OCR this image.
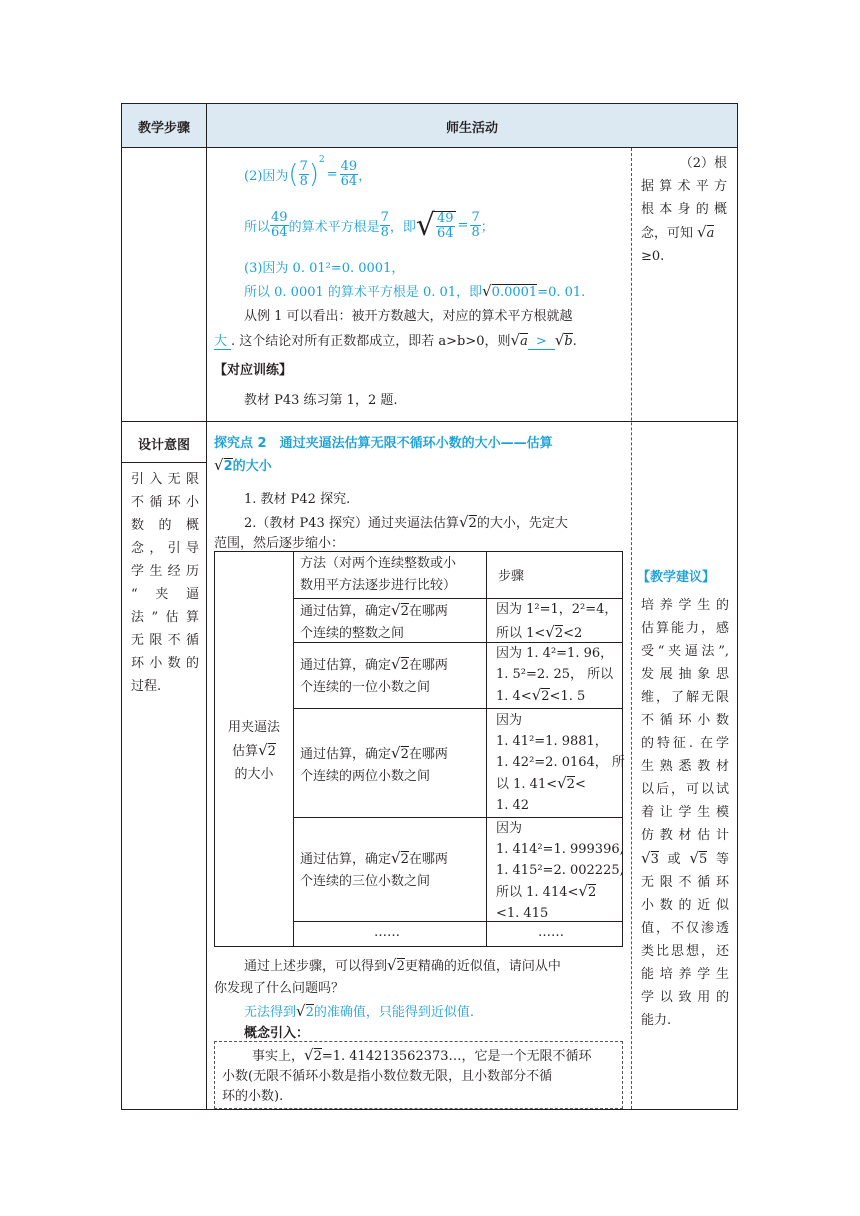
教学步骤	师生活动
(2)因为( $\frac{7}{8} )^2= \frac{49}{64}$ ，
所以 $\frac{49}{64}$ 的算术平方根是 $\frac{7}{8}$ ，即√ $\frac{49}{64} = \frac{7}{8}$ ；
(3)因为 0. 01²=0. 0001，
所以 0. 0001 的算术平方根是 0. 01，即√0.0001=0. 01.
从例 1 可以看出：被开方数越大，对应的算术平方根就越
大 . 这个结论对所有正数都成立，即若 a>b>0，则√a > √b.
【对应训练】
教材 P43 练习第 1，2 题.
（2）根
据算术平方
根本身的概
念，可知 √a
≥0.
设计意图
引入无限
不循环小
数的概
念，引导
学生经历
“夹逼
法”估算
无限不循
环小数的
过程.
探究点 2　通过夹逼法估算无限不循环小数的大小——估算
√2的大小
1. 教材 P42 探究.
2.（教材 P43 探究）通过夹逼法估算√2的大小，先定大
范围，然后逐步缩小：
用夹逼法
估算√2
的大小
方法（对两个连续整数或小
数用平方法逐步进行比较）
步骤
通过估算，确定√2在哪两
个连续的整数之间
因为 1²=1，2²=4，
所以 1<√2<2
通过估算，确定√2在哪两
个连续的一位小数之间
因为 1. 4²=1. 96，
1. 5²=2. 25， 所以
1. 4<√2<1. 5
通过估算，确定√2在哪两
个连续的两位小数之间
因为
1. 41²=1. 9881，
1. 42²=2. 0164， 所
以 1. 41<√2<
1. 42
通过估算，确定√2在哪两
个连续的三位小数之间
因为
1. 414²=1. 999396,
1. 415²=2. 002225,
所以 1. 414<√2
<1. 415
……	……
通过上述步骤，可以得到√2更精确的近似值，请问从中
你发现了什么问题吗？
无法得到√2的准确值，只能得到近似值.
概念引入：
事实上，√2=1. 414213562373…，它是一个无限不循环
小数(无限不循环小数是指小数位数无限，且小数部分不循
环的小数).
【教学建议】
培养学生的
估算能力，感
受“夹逼法”,
发展抽象思
维，了解无限
不循环小数
的特征. 在学
生熟悉教材
以后，可以试
着让学生模
仿教材估计
√3 或 √5 等
无限不循环
小数的近似
值，不仅渗透
类比思想，还
能培养学生
学以致用的
能力.
